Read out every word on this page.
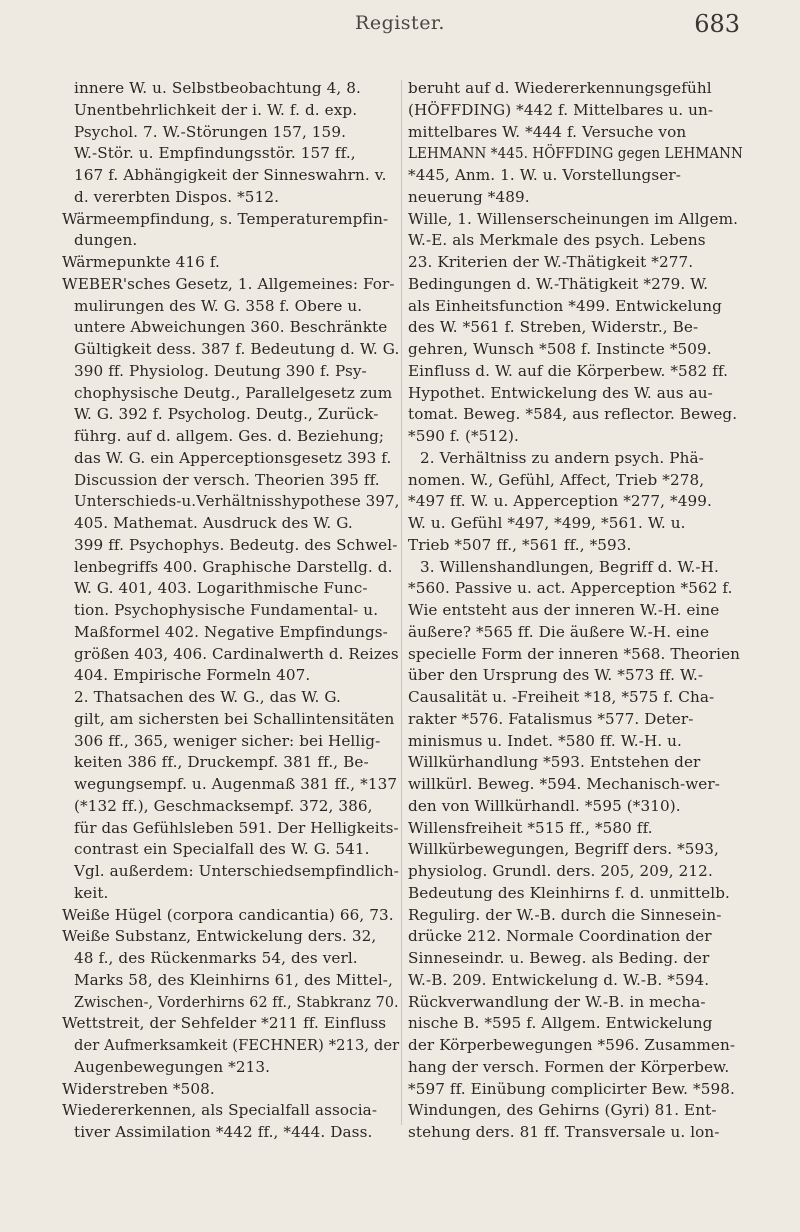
Register.	683
innere W. u. Selbstbeobachtung 4, 8.
Unentbehrlichkeit der i. W. f. d. exp.
Psychol. 7. W.-Störungen 157, 159.
W.-Stör. u. Empfindungsstör. 157 ff.,
167 f. Abhängigkeit der Sinneswahrn. v.
d. vererbten Dispos. *512.
Wärmeempfindung, s. Temperaturempfin-
dungen.
Wärmepunkte 416 f.
WEBER'sches Gesetz, 1. Allgemeines: For-
mulirungen des W. G. 358 f. Obere u.
untere Abweichungen 360. Beschränkte
Gültigkeit dess. 387 f. Bedeutung d. W. G.
390 ff. Physiolog. Deutung 390 f. Psy-
chophysische Deutg., Parallelgesetz zum
W. G. 392 f. Psycholog. Deutg., Zurück-
führg. auf d. allgem. Ges. d. Beziehung;
das W. G. ein Apperceptionsgesetz 393 f.
Discussion der versch. Theorien 395 ff.
Unterschieds-u.Verhältnisshypothese 397,
405. Mathemat. Ausdruck des W. G.
399 ff. Psychophys. Bedeutg. des Schwel-
lenbegriffs 400. Graphische Darstellg. d.
W. G. 401, 403. Logarithmische Func-
tion. Psychophysische Fundamental- u.
Maßformel 402. Negative Empfindungs-
größen 403, 406. Cardinalwerth d. Reizes
404. Empirische Formeln 407.
2. Thatsachen des W. G., das W. G.
gilt, am sichersten bei Schallintensitäten
306 ff., 365, weniger sicher: bei Hellig-
keiten 386 ff., Druckempf. 381 ff., Be-
wegungsempf. u. Augenmaß 381 ff., *137
(*132 ff.), Geschmacksempf. 372, 386,
für das Gefühlsleben 591. Der Helligkeits-
contrast ein Specialfall des W. G. 541.
Vgl. außerdem: Unterschiedsempfindlich-
keit.
Weiße Hügel (corpora candicantia) 66, 73.
Weiße Substanz, Entwickelung ders. 32,
48 f., des Rückenmarks 54, des verl.
Marks 58, des Kleinhirns 61, des Mittel-,
Zwischen-, Vorderhirns 62 ff., Stabkranz 70.
Wettstreit, der Sehfelder *211 ff. Einfluss
der Aufmerksamkeit (FECHNER) *213, der
Augenbewegungen *213.
Widerstreben *508.
Wiedererkennen, als Specialfall associa-
tiver Assimilation *442 ff., *444. Dass.
beruht auf d. Wiedererkennungsgefühl
(HÖFFDING) *442 f. Mittelbares u. un-
mittelbares W. *444 f. Versuche von
LEHMANN *445. HÖFFDING gegen LEHMANN
*445, Anm. 1. W. u. Vorstellungser-
neuerung *489.
Wille, 1. Willenserscheinungen im Allgem.
W.-E. als Merkmale des psych. Lebens
23. Kriterien der W.-Thätigkeit *277.
Bedingungen d. W.-Thätigkeit *279. W.
als Einheitsfunction *499. Entwickelung
des W. *561 f. Streben, Widerstr., Be-
gehren, Wunsch *508 f. Instincte *509.
Einfluss d. W. auf die Körperbew. *582 ff.
Hypothet. Entwickelung des W. aus au-
tomat. Beweg. *584, aus reflector. Beweg.
*590 f. (*512).
2. Verhältniss zu andern psych. Phä-
nomen. W., Gefühl, Affect, Trieb *278,
*497 ff. W. u. Apperception *277, *499.
W. u. Gefühl *497, *499, *561. W. u.
Trieb *507 ff., *561 ff., *593.
3. Willenshandlungen, Begriff d. W.-H.
*560. Passive u. act. Apperception *562 f.
Wie entsteht aus der inneren W.-H. eine
äußere? *565 ff. Die äußere W.-H. eine
specielle Form der inneren *568. Theorien
über den Ursprung des W. *573 ff. W.-
Causalität u. -Freiheit *18, *575 f. Cha-
rakter *576. Fatalismus *577. Deter-
minismus u. Indet. *580 ff. W.-H. u.
Willkürhandlung *593. Entstehen der
willkürl. Beweg. *594. Mechanisch-wer-
den von Willkürhandl. *595 (*310).
Willensfreiheit *515 ff., *580 ff.
Willkürbewegungen, Begriff ders. *593,
physiolog. Grundl. ders. 205, 209, 212.
Bedeutung des Kleinhirns f. d. unmittelb.
Regulirg. der W.-B. durch die Sinnesein-
drücke 212. Normale Coordination der
Sinneseindr. u. Beweg. als Beding. der
W.-B. 209. Entwickelung d. W.-B. *594.
Rückverwandlung der W.-B. in mecha-
nische B. *595 f. Allgem. Entwickelung
der Körperbewegungen *596. Zusammen-
hang der versch. Formen der Körperbew.
*597 ff. Einübung complicirter Bew. *598.
Windungen, des Gehirns (Gyri) 81. Ent-
stehung ders. 81 ff. Transversale u. lon-
